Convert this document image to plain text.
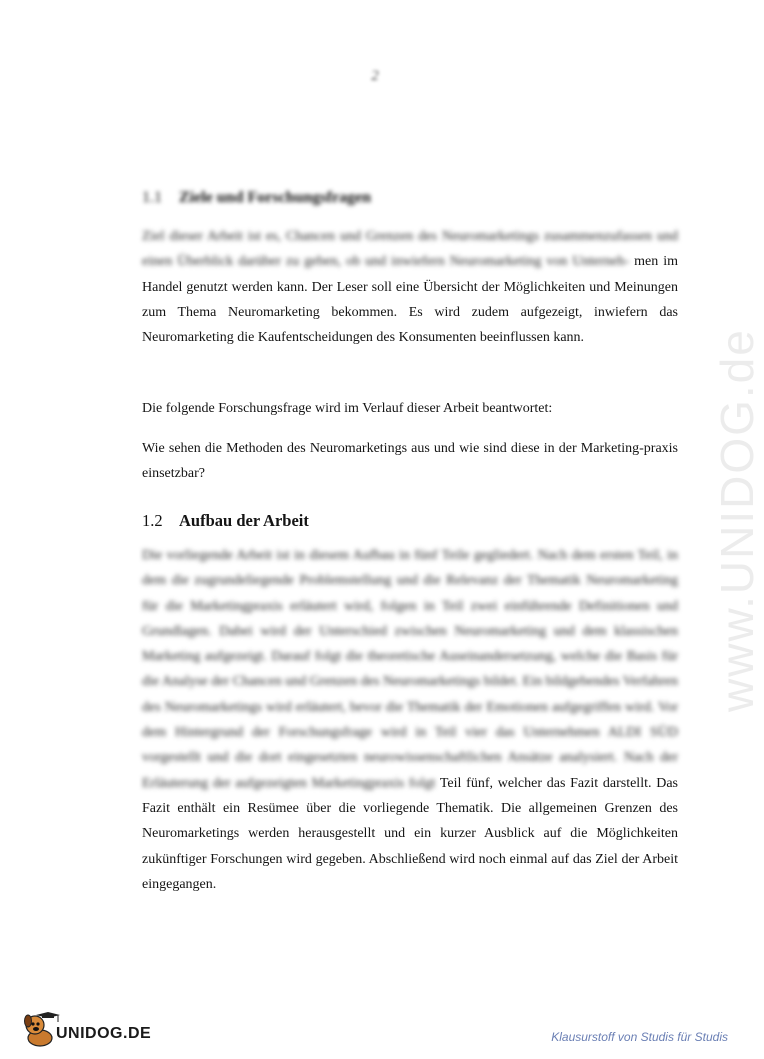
2
1.1 Ziele und Forschungsfragen

Ziel dieser Arbeit ist es, Chancen und Grenzen des Neuromarketings zusammenzufassen und einen Überblick darüber zu geben, ob und inwiefern Neuromarketing von Unterneh- men im Handel genutzt werden kann. Der Leser soll eine Übersicht der Möglichkeiten und Meinungen zum Thema Neuromarketing bekommen. Es wird zudem aufgezeigt, inwiefern das Neuromarketing die Kaufentscheidungen des Konsumenten beeinflussen kann.

Die folgende Forschungsfrage wird im Verlauf dieser Arbeit beantwortet:

Wie sehen die Methoden des Neuromarketings aus und wie sind diese in der Marketing-praxis einsetzbar?

1.2 Aufbau der Arbeit

Die vorliegende Arbeit ist in diesem Aufbau in fünf Teile gegliedert. Nach dem ersten Teil, in dem die zugrundeliegende Problemstellung und die Relevanz der Thematik Neuromarketing für die Marketingpraxis erläutert wird, folgen in Teil zwei einführende Definitionen und Grundlagen. Dabei wird der Unterschied zwischen Neuromarketing und dem klassischen Marketing aufgezeigt. Darauf folgt die theoretische Auseinandersetzung, welche die Basis für die Analyse der Chancen und Grenzen des Neuromarketings bildet. Ein bildgebendes Verfahren des Neuromarketings wird erläutert, bevor die Thematik der Emotionen aufgegriffen wird. Vor dem Hintergrund der Forschungsfrage wird in Teil vier das Unternehmen ALDI SÜD vorgestellt und die dort eingesetzten neurowissenschaftlichen Ansätze analysiert. Nach der Erläuterung der aufgezeigten Marketingpraxis folgt Teil fünf, welcher das Fazit darstellt. Das Fazit enthält ein Resümee über die vorliegende Thematik. Die allgemeinen Grenzen des Neuromarketings werden herausgestellt und ein kurzer Ausblick auf die Möglichkeiten zukünftiger Forschungen wird gegeben. Abschließend wird noch einmal auf das Ziel der Arbeit eingegangen.

www.UNIDOG.de
UNIDOG.DE	Klausurstoff von Studis für Studis
